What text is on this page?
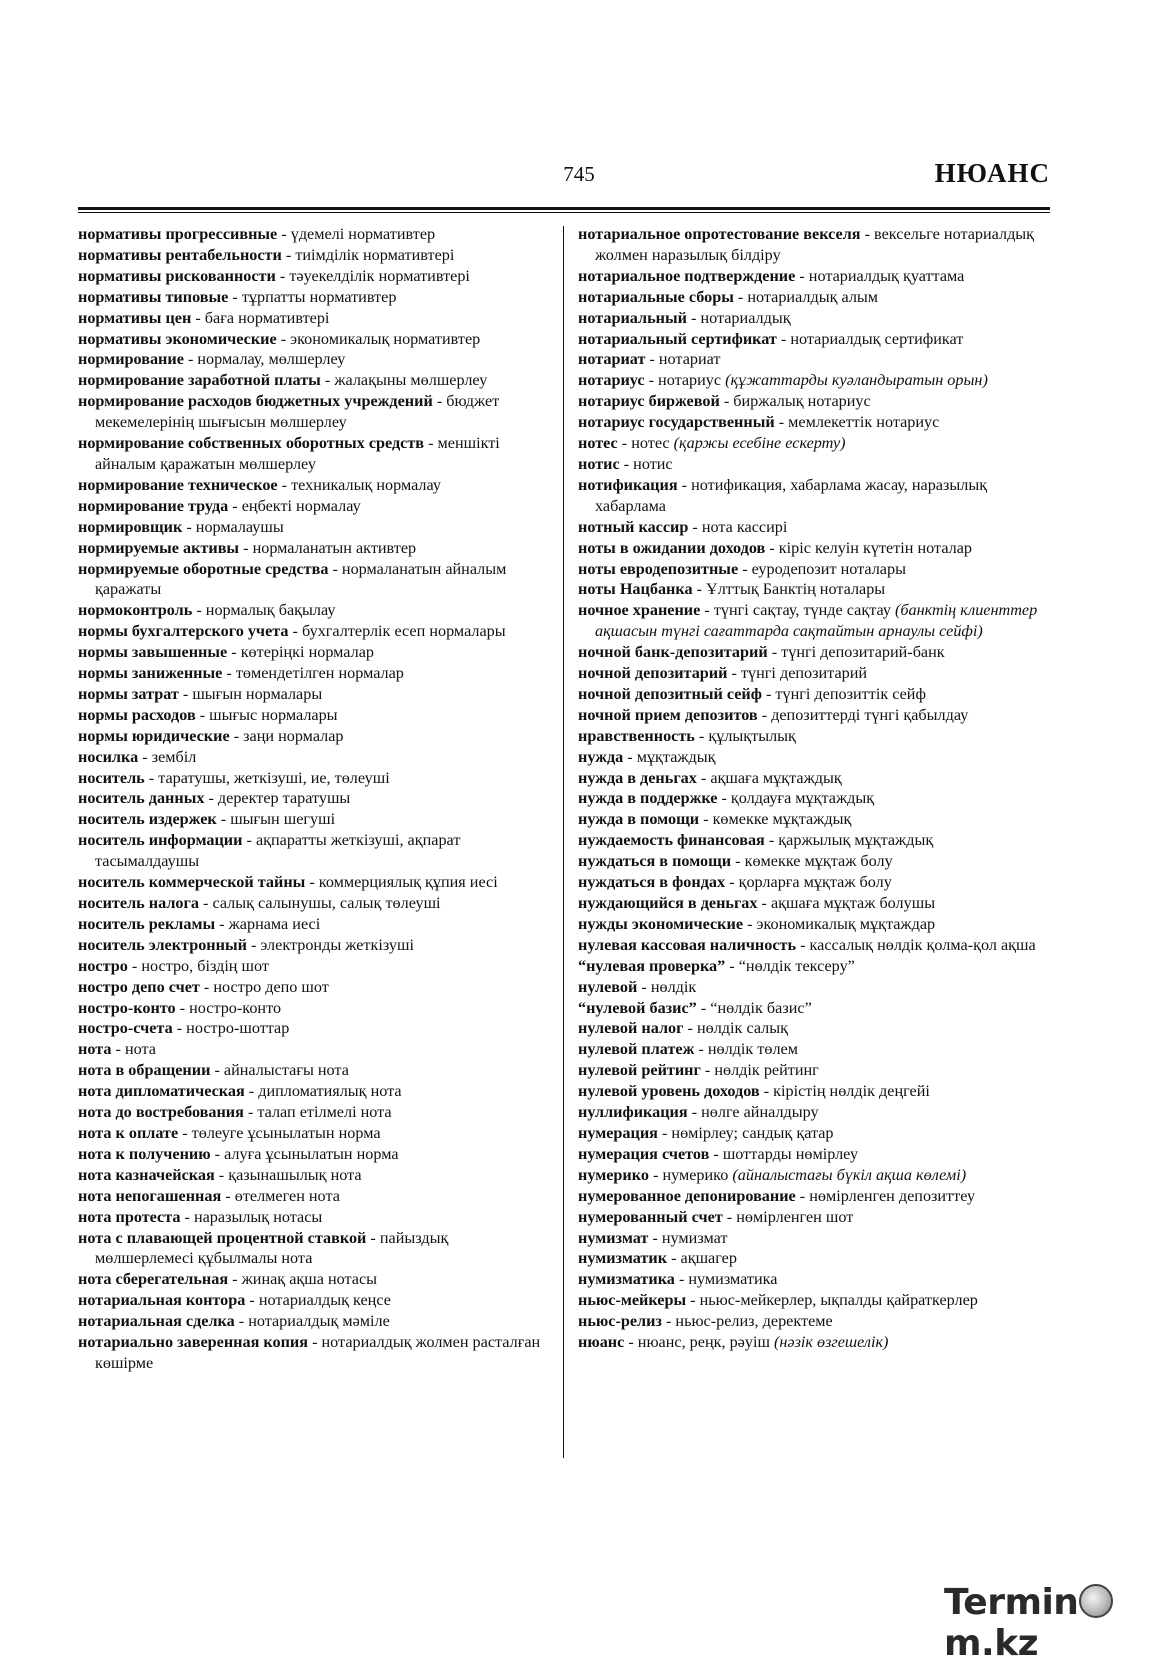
745	НЮАНС

нормативы прогрессивные - үдемелі нормативтер

нормативы рентабельности - тиімділік нормативтері

нормативы рискованности - тәуекелділік нормативтері

нормативы типовые - тұрпатты нормативтер

нормативы цен - баға нормативтері

нормативы экономические - экономикалық нормативтер

нормирование - нормалау, мөлшерлеу

нормирование заработной платы - жалақыны мөлшерлеу

нормирование расходов бюджетных учреждений - бюджет мекемелерінің шығысын мөлшерлеу

нормирование собственных оборотных средств - меншікті айналым қаражатын мөлшерлеу

нормирование техническое - техникалық нормалау

нормирование труда - еңбекті нормалау

нормировщик - нормалаушы

нормируемые активы - нормаланатын активтер

нормируемые оборотные средства - нормаланатын айналым қаражаты

нормоконтроль - нормалық бақылау

нормы бухгалтерского учета - бухгалтерлік есеп нормалары

нормы завышенные - көтеріңкі нормалар

нормы заниженные - төмендетілген нормалар

нормы затрат - шығын нормалары

нормы расходов - шығыс нормалары

нормы юридические - заңи нормалар

носилка - зембіл

носитель - таратушы, жеткізуші, ие, төлеуші

носитель данных - деректер таратушы

носитель издержек - шығын шегуші

носитель информации - ақпаратты жеткізуші, ақпарат тасымалдаушы

носитель коммерческой тайны - коммерциялық құпия иесі

носитель налога - салық салынушы, салық төлеуші

носитель рекламы - жарнама иесі

носитель электронный - электронды жеткізуші

ностро - ностро, біздің шот

ностро депо счет - ностро депо шот

ностро-конто - ностро-конто

ностро-счета - ностро-шоттар

нота - нота

нота в обращении - айналыстағы нота

нота дипломатическая - дипломатиялық нота

нота до востребования - талап етілмелі нота

нота к оплате - төлеуге ұсынылатын норма

нота к получению - алуға ұсынылатын норма

нота казначейская - қазынашылық нота

нота непогашенная - өтелмеген нота

нота протеста - наразылық нотасы

нота с плавающей процентной ставкой - пайыздық мөлшерлемесі құбылмалы нота

нота сберегательная - жинақ ақша нотасы

нотариальная контора - нотариалдық кеңсе

нотариальная сделка - нотариалдық мәміле

нотариально заверенная копия - нотариалдық жолмен расталған көшірме

нотариальное опротестование векселя - вексельге нотариалдық жолмен наразылық білдіру

нотариальное подтверждение - нотариалдық қуаттама

нотариальные сборы - нотариалдық алым

нотариальный - нотариалдық

нотариальный сертификат - нотариалдық сертификат

нотариат - нотариат

нотариус - нотариус (құжаттарды куәландыратын орын)

нотариус биржевой - биржалық нотариус

нотариус государственный - мемлекеттік нотариус

нотес - нотес (қаржы есебіне ескерту)

нотис - нотис

нотификация - нотификация, хабарлама жасау, наразылық хабарлама

нотный кассир - нота кассирі

ноты в ожидании доходов - кіріс келуін күтетін ноталар

ноты евродепозитные - еуродепозит ноталары

ноты Нацбанка - Ұлттық Банктің ноталары

ночное хранение - түнгі сақтау, түнде сақтау (банктің клиенттер ақшасын түнгі сағаттарда сақтайтын арнаулы сейфі)

ночной банк-депозитарий - түнгі депозитарий-банк

ночной депозитарий - түнгі депозитарий

ночной депозитный сейф - түнгі депозиттік сейф

ночной прием депозитов - депозиттерді түнгі қабылдау

нравственность - құлықтылық

нужда - мұқтаждық

нужда в деньгах - ақшаға мұқтаждық

нужда в поддержке - қолдауға мұқтаждық

нужда в помощи - көмекке мұқтаждық

нуждаемость финансовая - қаржылық мұқтаждық

нуждаться в помощи - көмекке мұқтаж болу

нуждаться в фондах - қорларға мұқтаж болу

нуждающийся в деньгах - ақшаға мұқтаж болушы

нужды экономические - экономикалық мұқтаждар

нулевая кассовая наличность - кассалық нөлдік қолма-қол ақша

“нулевая проверка” - “нөлдік тексеру”

нулевой - нөлдік

“нулевой базис” - “нөлдік базис”

нулевой налог - нөлдік салық

нулевой платеж - нөлдік төлем

нулевой рейтинг - нөлдік рейтинг

нулевой уровень доходов - кірістің нөлдік деңгейі

нуллификация - нөлге айналдыру

нумерация - нөмірлеу; сандық қатар

нумерация счетов - шоттарды нөмірлеу

нумерико - нумерико (айналыстағы бүкіл ақша көлемі)

нумерованное депонирование - нөмірленген депозиттеу

нумерованный счет - нөмірленген шот

нумизмат - нумизмат

нумизматик - ақшагер

нумизматика - нумизматика

ньюс-мейкеры - ньюс-мейкерлер, ықпалды қайраткерлер

ньюс-релиз - ньюс-релиз, деректеме

нюанс - нюанс, реңк, рәуіш (нәзік өзгешелік)

Terminm.kz
